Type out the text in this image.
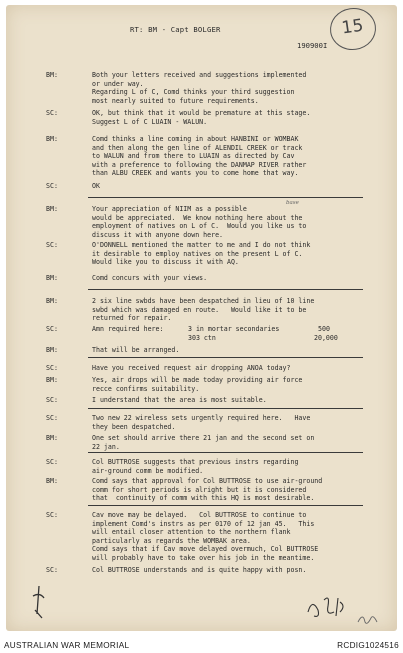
15
RT: BM - Capt BOLGER
190900I
BM:	Both your letters received and suggestions implemented
or under way.
Regarding L of C, Comd thinks your third suggestion
most nearly suited to future requirements.
SC:	OK, but think that it would be premature at this stage.
Suggest L of C LUAIN - WALUN.
BM:	Comd thinks a line coming in about HANBINI or WOMBAK
and then along the gen line of ALENDIL CREEK or track
to WALUN and from there to LUAIN as directed by Cav
with a preference to following the DANMAP RIVER rather
than ALBU CREEK and wants you to come home that way.
SC:	OK
BM:	Your appreciation of NIIM as a possible
would be appreciated.  We know nothing here about the
employment of natives on L of C.  Would you like us to
discuss it with anyone down here.
base
SC:	O'DONNELL mentioned the matter to me and I do not think
it desirable to employ natives on the present L of C.
Would like you to discuss it with AQ.
BM:	Comd concurs with your views.
BM:	2 six line swbds have been despatched in lieu of 10 line
swbd which was damaged en route.   Would like it to be
returned for repair.
SC:	Amn required here:	3 in mortar secondaries	500
303 ctn	20,000
BM:	That will be arranged.
SC:	Have you received request air dropping ANOA today?
BM:	Yes, air drops will be made today providing air force
recce confirms suitability.
SC:	I understand that the area is most suitable.
SC:	Two new 22 wireless sets urgently required here.   Have
they been despatched.
BM:	One set should arrive there 21 jan and the second set on
22 jan.
SC:	Col BUTTROSE suggests that previous instrs regarding
air-ground comm be modified.
BM:	Comd says that approval for Col BUTTROSE to use air-ground
comm for short periods is alright but it is considered
that  continuity of comm with this HQ is most desirable.
SC:	Cav move may be delayed.   Col BUTTROSE to continue to
implement Comd's instrs as per 0170 of 12 jan 45.   This
will entail closer attention to the northern flank
particularly as regards the WOMBAK area.
Comd says that if Cav move delayed overmuch, Col BUTTROSE
will probably have to take over his job in the meantime.
SC:	Col BUTTROSE understands and is quite happy with posn.
AUSTRALIAN WAR MEMORIAL	RCDIG1024516
